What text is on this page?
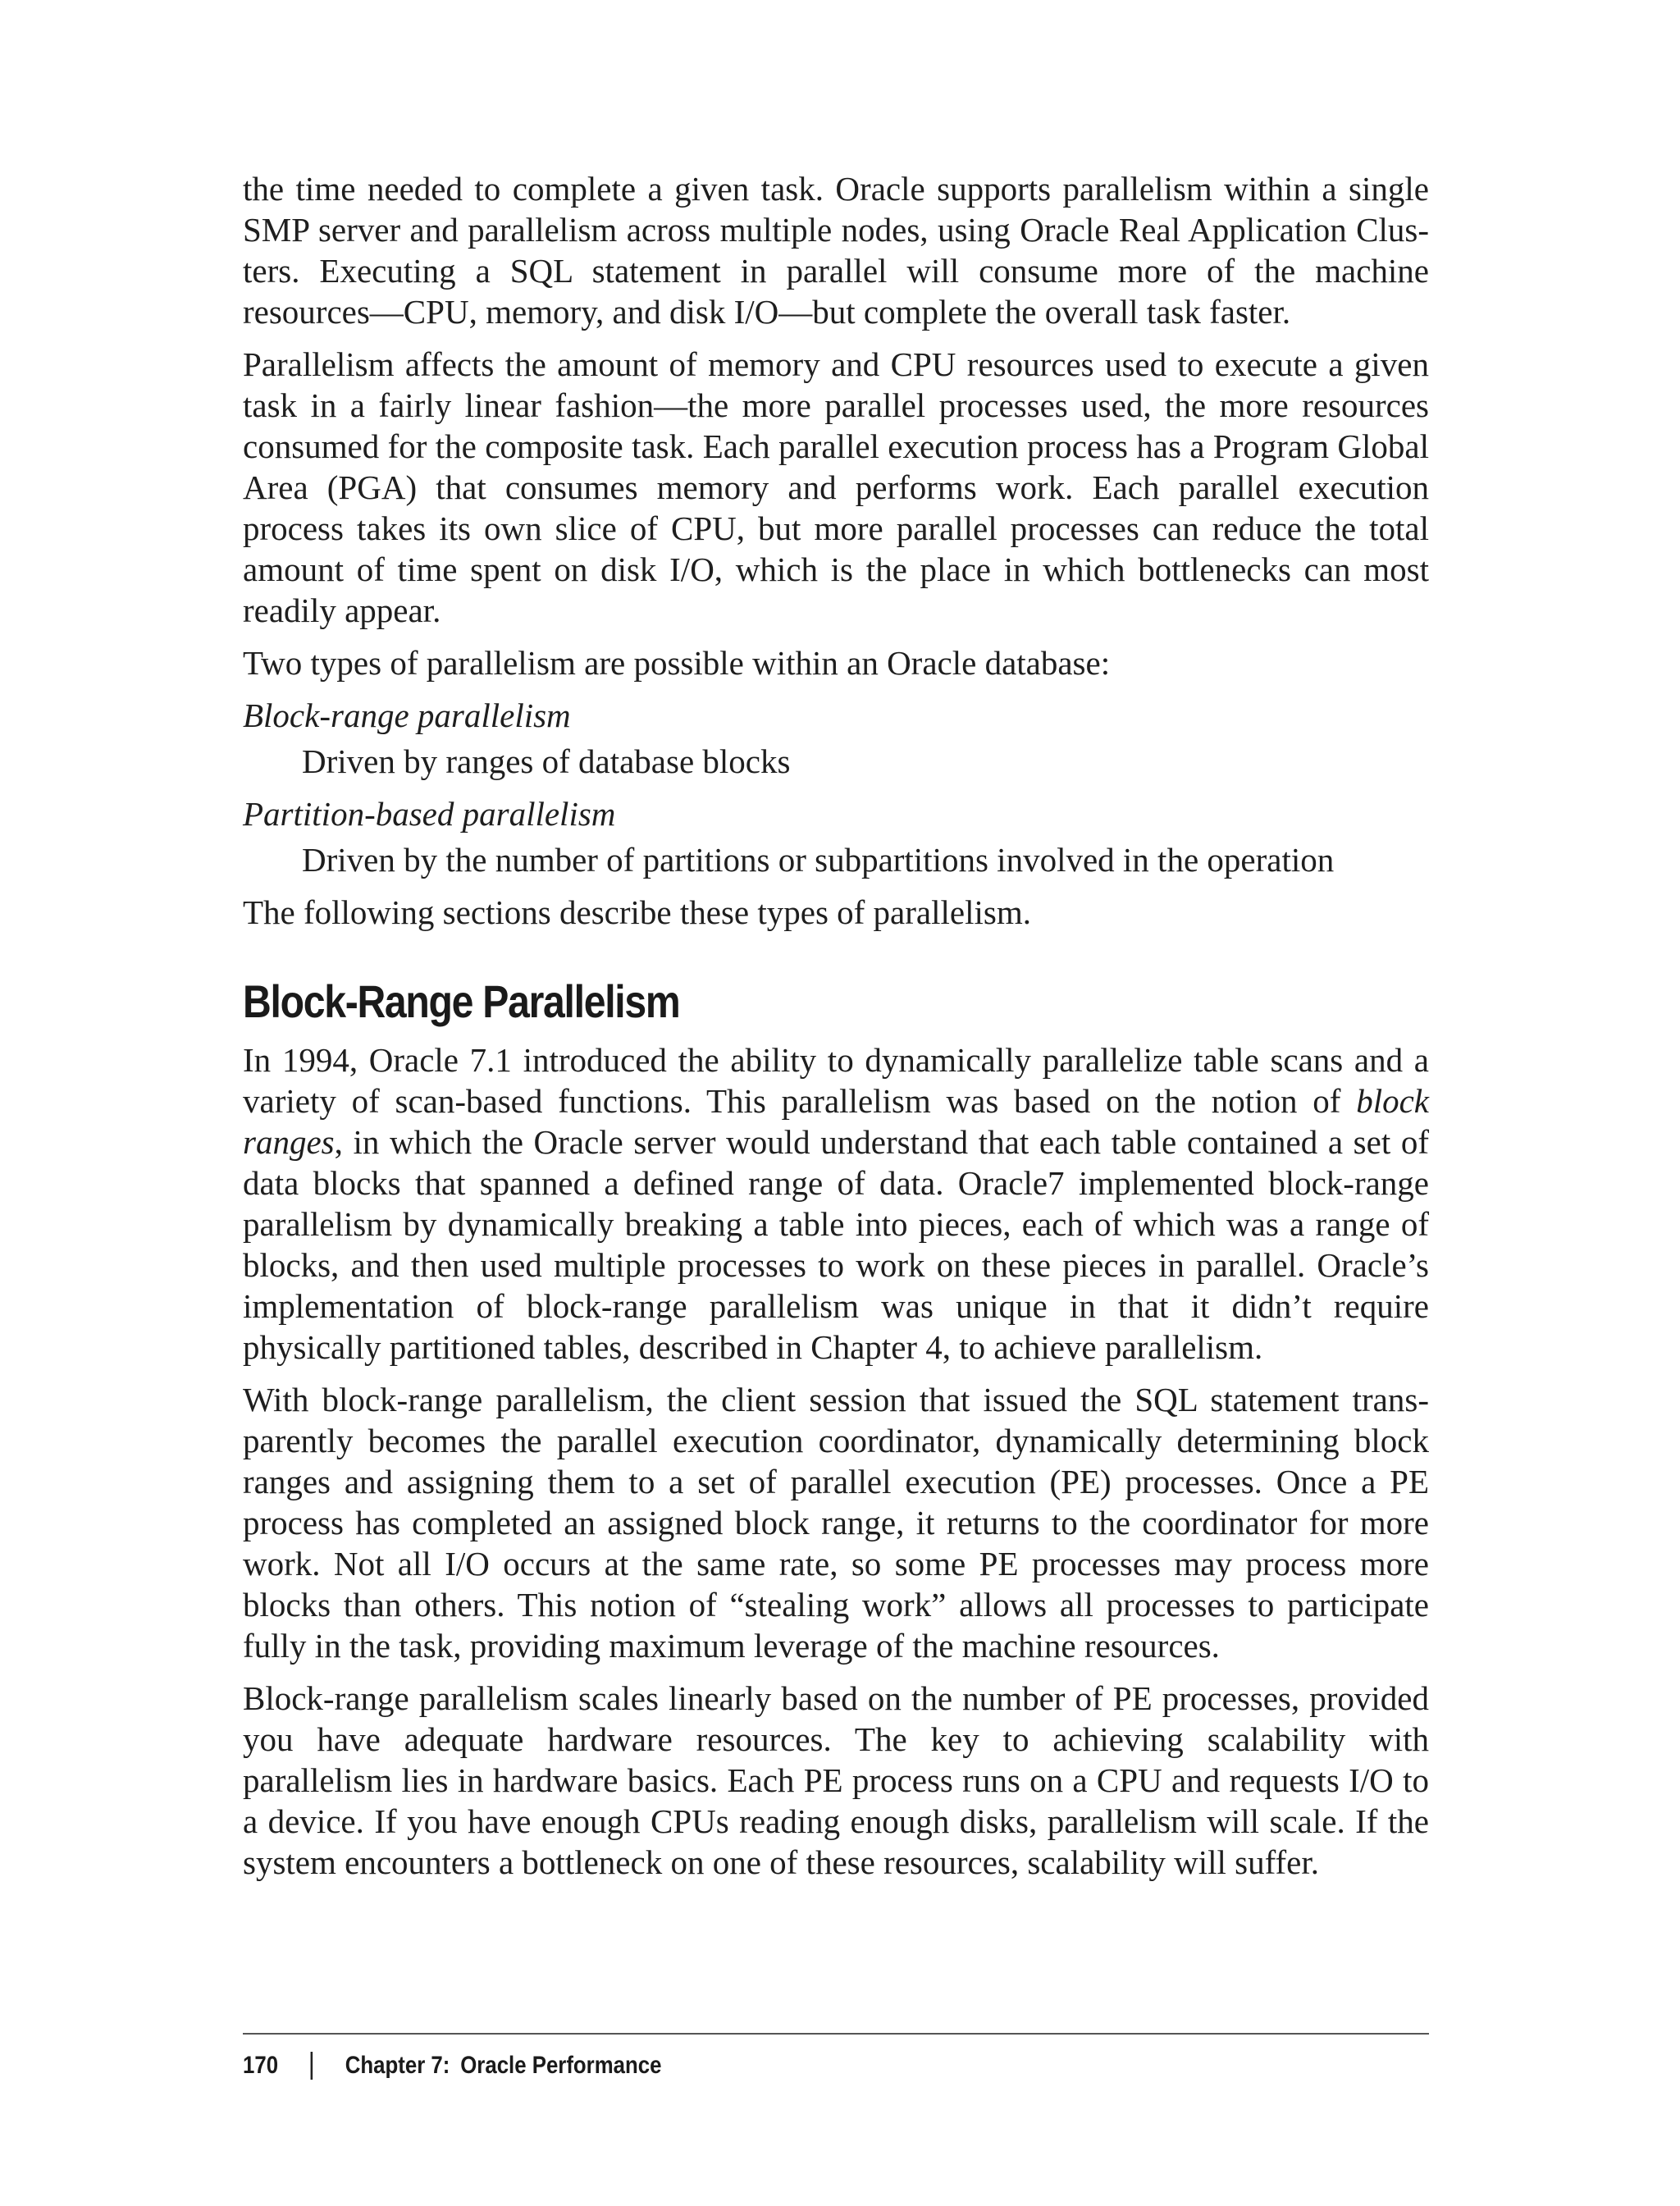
the time needed to complete a given task. Oracle supports parallelism within a single SMP server and parallelism across multiple nodes, using Oracle Real Application Clusters. Executing a SQL statement in parallel will consume more of the machine resources—CPU, memory, and disk I/O—but complete the overall task faster.

Parallelism affects the amount of memory and CPU resources used to execute a given task in a fairly linear fashion—the more parallel processes used, the more resources consumed for the composite task. Each parallel execution process has a Program Global Area (PGA) that consumes memory and performs work. Each parallel execution process takes its own slice of CPU, but more parallel processes can reduce the total amount of time spent on disk I/O, which is the place in which bottlenecks can most readily appear.

Two types of parallelism are possible within an Oracle database:

Block-range parallelism
Driven by ranges of database blocks
Partition-based parallelism
Driven by the number of partitions or subpartitions involved in the operation

The following sections describe these types of parallelism.

Block-Range Parallelism

In 1994, Oracle 7.1 introduced the ability to dynamically parallelize table scans and a variety of scan-based functions. This parallelism was based on the notion of block ranges, in which the Oracle server would understand that each table contained a set of data blocks that spanned a defined range of data. Oracle7 implemented block-range parallelism by dynamically breaking a table into pieces, each of which was a range of blocks, and then used multiple processes to work on these pieces in parallel. Oracle’s implementation of block-range parallelism was unique in that it didn’t require physically partitioned tables, described in Chapter 4, to achieve parallelism.

With block-range parallelism, the client session that issued the SQL statement transparently becomes the parallel execution coordinator, dynamically determining block ranges and assigning them to a set of parallel execution (PE) processes. Once a PE process has completed an assigned block range, it returns to the coordinator for more work. Not all I/O occurs at the same rate, so some PE processes may process more blocks than others. This notion of “stealing work” allows all processes to participate fully in the task, providing maximum leverage of the machine resources.

Block-range parallelism scales linearly based on the number of PE processes, provided you have adequate hardware resources. The key to achieving scalability with parallelism lies in hardware basics. Each PE process runs on a CPU and requests I/O to a device. If you have enough CPUs reading enough disks, parallelism will scale. If the system encounters a bottleneck on one of these resources, scalability will suffer.

170	Chapter 7: Oracle Performance
